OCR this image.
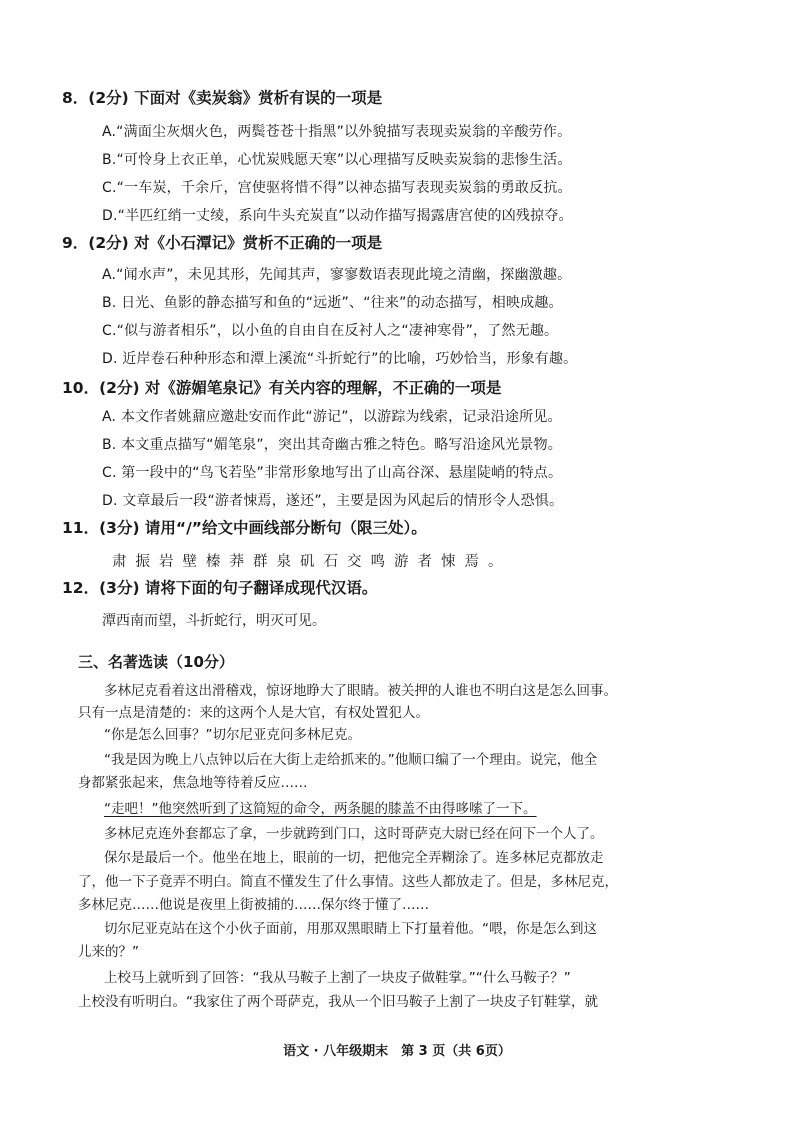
8．(2分) 下面对《卖炭翁》赏析有误的一项是
A.“满面尘灰烟火色，两鬓苍苍十指黑”以外貌描写表现卖炭翁的辛酸劳作。
B.“可怜身上衣正单，心忧炭贱愿天寒”以心理描写反映卖炭翁的悲惨生活。
C.“一车炭，千余斤，宫使驱将惜不得”以神态描写表现卖炭翁的勇敢反抗。
D.“半匹红绡一丈绫，系向牛头充炭直”以动作描写揭露唐宫使的凶残掠夺。
9．(2分) 对《小石潭记》赏析不正确的一项是
A.“闻水声”，未见其形，先闻其声，寥寥数语表现此境之清幽，探幽激趣。
B. 日光、鱼影的静态描写和鱼的“远逝”、“往来”的动态描写，相映成趣。
C.“似与游者相乐”，以小鱼的自由自在反衬人之“凄神寒骨”，了然无趣。
D. 近岸卷石种种形态和潭上溪流“斗折蛇行”的比喻，巧妙恰当，形象有趣。
10．(2分) 对《游媚笔泉记》有关内容的理解，不正确的一项是
A. 本文作者姚鼐应邀赴安而作此“游记”，以游踪为线索，记录沿途所见。
B. 本文重点描写“媚笔泉”，突出其奇幽古雅之特色。略写沿途风光景物。
C. 第一段中的“鸟飞若坠”非常形象地写出了山高谷深、悬崖陡峭的特点。
D. 文章最后一段“游者悚焉，遂还”，主要是因为风起后的情形令人恐惧。
11．(3分) 请用“/”给文中画线部分断句（限三处）。
肃振岩壁榛莽群泉矶石交鸣游者悚焉。
12．(3分) 请将下面的句子翻译成现代汉语。
潭西南而望，斗折蛇行，明灭可见。
三、名著选读（10分）
多林尼克看着这出滑稽戏，惊讶地睁大了眼睛。被关押的人谁也不明白这是怎么回事。
只有一点是清楚的：来的这两个人是大官，有权处置犯人。
“你是怎么回事？”切尔尼亚克问多林尼克。
“我是因为晚上八点钟以后在大街上走给抓来的。”他顺口编了一个理由。说完，他全
身都紧张起来，焦急地等待着反应……
“走吧！”他突然听到了这简短的命令，两条腿的膝盖不由得哆嗦了一下。
多林尼克连外套都忘了拿，一步就跨到门口，这时哥萨克大尉已经在问下一个人了。
保尔是最后一个。他坐在地上，眼前的一切，把他完全弄糊涂了。连多林尼克都放走
了，他一下子竟弄不明白。简直不懂发生了什么事情。这些人都放走了。但是，多林尼克，
多林尼克……他说是夜里上街被捕的……保尔终于懂了……
切尔尼亚克站在这个小伙子面前，用那双黑眼睛上下打量着他。“喂，你是怎么到这
儿来的？”
上校马上就听到了回答：“我从马鞍子上割了一块皮子做鞋掌。”“什么马鞍子？”
上校没有听明白。“我家住了两个哥萨克，我从一个旧马鞍子上割了一块皮子钉鞋掌，就
语文 · 八年级期末　第 3 页（共 6页）
